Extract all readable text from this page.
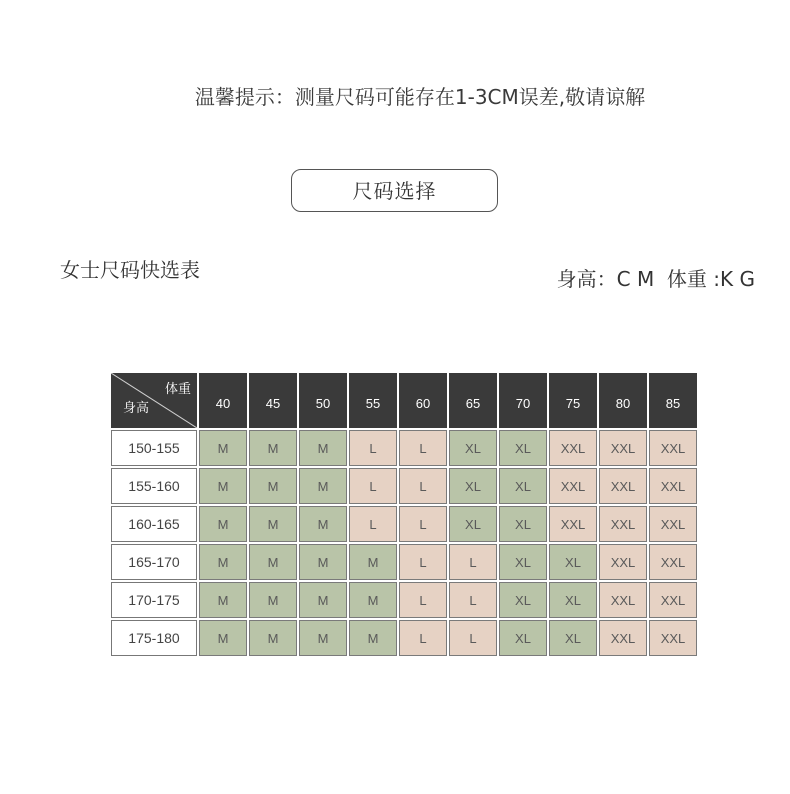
温馨提示：测量尺码可能存在1-3CM误差,敬请谅解
尺码选择
女士尺码快选表	身高：C M  体重 :K G
体重
身高	40	45	50	55	60	65	70	75	80	85
150-155	M	M	M	L	L	XL	XL	XXL	XXL	XXL
155-160	M	M	M	L	L	XL	XL	XXL	XXL	XXL
160-165	M	M	M	L	L	XL	XL	XXL	XXL	XXL
165-170	M	M	M	M	L	L	XL	XL	XXL	XXL
170-175	M	M	M	M	L	L	XL	XL	XXL	XXL
175-180	M	M	M	M	L	L	XL	XL	XXL	XXL
